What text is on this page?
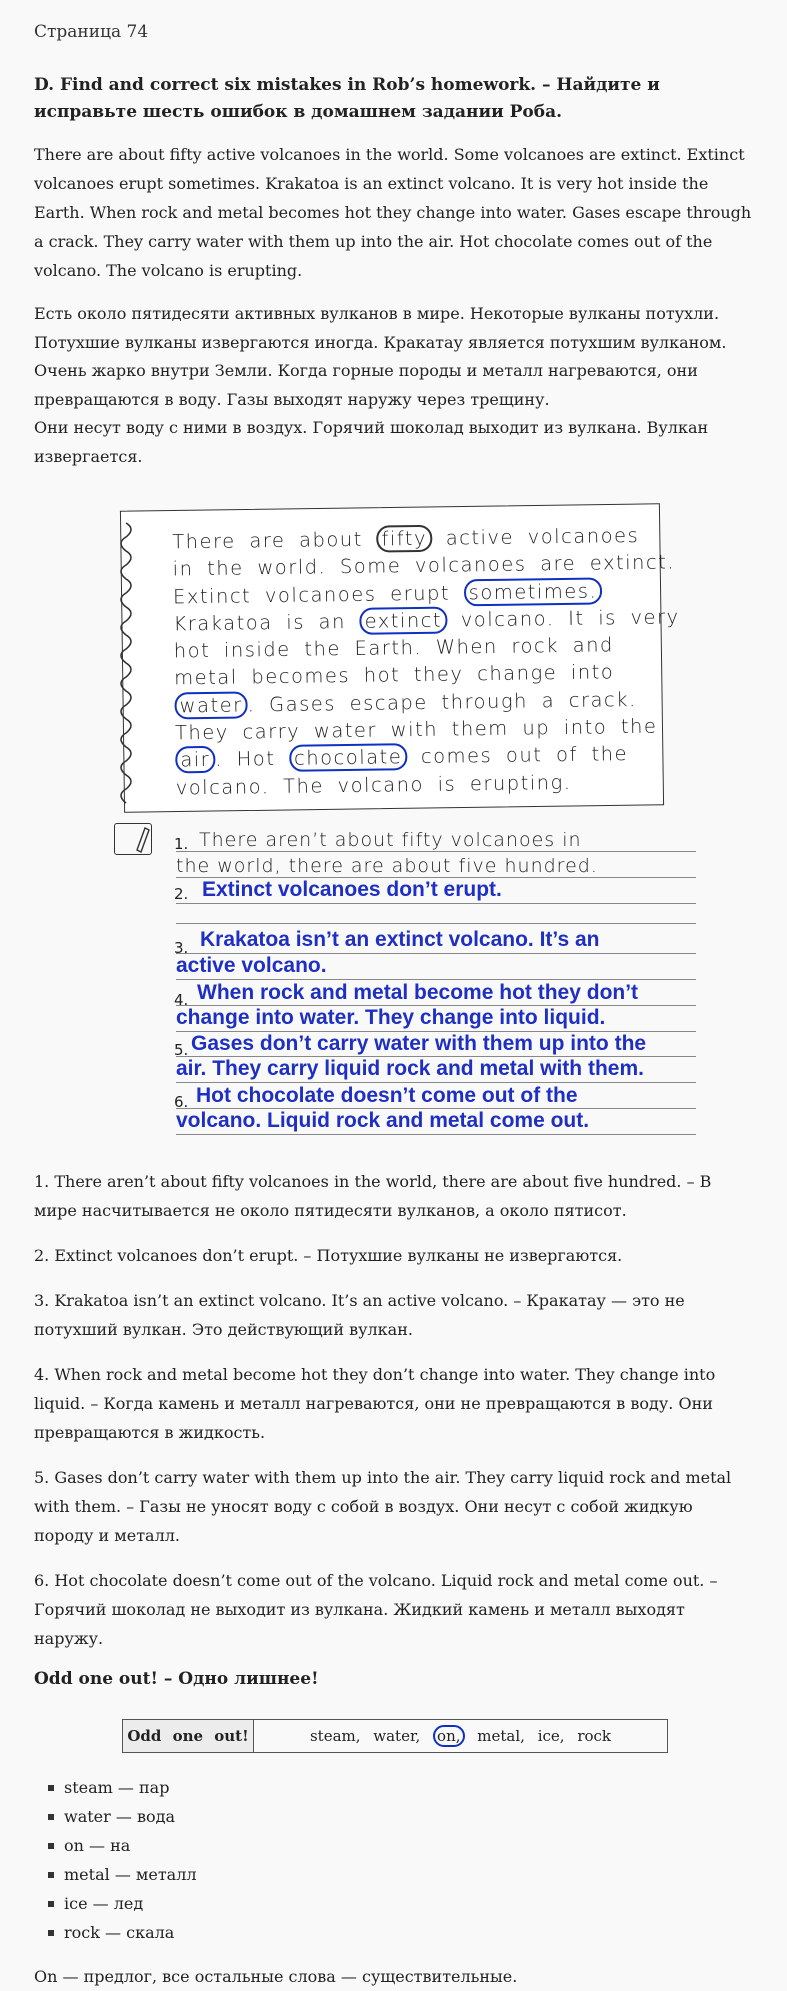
Страница 74
D. Find and correct six mistakes in Rob’s homework. – Найдите и исправьте шесть ошибок в домашнем задании Роба.
There are about fifty active volcanoes in the world. Some volcanoes are extinct. Extinct volcanoes erupt sometimes. Krakatoa is an extinct volcano. It is very hot inside the Earth. When rock and metal becomes hot they change into water. Gases escape through a crack. They carry water with them up into the air. Hot chocolate comes out of the volcano. The volcano is erupting.
Есть около пятидесяти активных вулканов в мире. Некоторые вулканы потухли. Потухшие вулканы извергаются иногда. Кракатау является потухшим вулканом. Очень жарко внутри Земли. Когда горные породы и металл нагреваются, они превращаются в воду. Газы выходят наружу через трещину.
Они несут воду с ними в воздух. Горячий шоколад выходит из вулкана. Вулкан извергается.
There are about fifty active volcanoes
in the world. Some volcanoes are extinct.
Extinct volcanoes erupt sometimes.
Krakatoa is an extinct volcano. It is very
hot inside the Earth. When rock and
metal becomes hot they change into
water . Gases escape through a crack.
They carry water with them up into the
air . Hot chocolate comes out of the
volcano. The volcano is erupting.
1. There aren’t about fifty volcanoes in
the world, there are about five hundred.
2. Extinct volcanoes don’t erupt.
3. Krakatoa isn’t an extinct volcano. It’s an
active volcano.
4. When rock and metal become hot they don’t
change into water. They change into liquid.
5. Gases don’t carry water with them up into the
air. They carry liquid rock and metal with them.
6. Hot chocolate doesn’t come out of the
volcano. Liquid rock and metal come out.
1. There aren’t about fifty volcanoes in the world, there are about five hundred. – В мире насчитывается не около пятидесяти вулканов, а около пятисот.
2. Extinct volcanoes don’t erupt. – Потухшие вулканы не извергаются.
3. Krakatoa isn’t an extinct volcano. It’s an active volcano. – Кракатау — это не потухший вулкан. Это действующий вулкан.
4. When rock and metal become hot they don’t change into water. They change into liquid. – Когда камень и металл нагреваются, они не превращаются в воду. Они превращаются в жидкость.
5. Gases don’t carry water with them up into the air. They carry liquid rock and metal with them. – Газы не уносят воду с собой в воздух. Они несут с собой жидкую породу и металл.
6. Hot chocolate doesn’t come out of the volcano. Liquid rock and metal come out. – Горячий шоколад не выходит из вулкана. Жидкий камень и металл выходят наружу.
Odd one out! – Одно лишнее!
Odd one out!	steam, water, on, metal, ice, rock
steam — пар
water — вода
on — на
metal — металл
ice — лед
rock — скала
On — предлог, все остальные слова — существительные.
